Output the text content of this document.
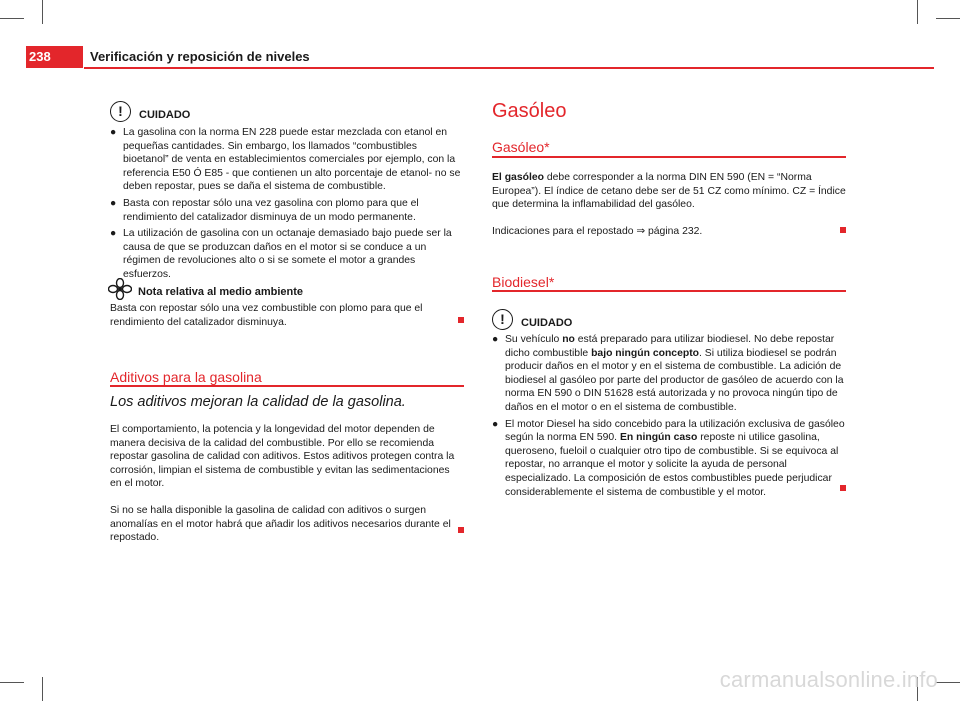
238	Verificación y reposición de niveles
!	CUIDADO

● La gasolina con la norma EN 228 puede estar mezclada con etanol en pequeñas cantidades. Sin embargo, los llamados “combustibles bioetanol” de venta en establecimientos comerciales por ejemplo, con la referencia E50 Ó E85 - que contienen un alto porcentaje de etanol- no se deben repostar, pues se daña el sistema de combustible.

● Basta con repostar sólo una vez gasolina con plomo para que el rendimiento del catalizador disminuya de un modo permanente.

● La utilización de gasolina con un octanaje demasiado bajo puede ser la causa de que se produzcan daños en el motor si se conduce a un régimen de revoluciones alto o si se somete el motor a grandes esfuerzos.

Nota relativa al medio ambiente

Basta con repostar sólo una vez combustible con plomo para que el rendimiento del catalizador disminuya.

Aditivos para la gasolina
Los aditivos mejoran la calidad de la gasolina.

El comportamiento, la potencia y la longevidad del motor dependen de manera decisiva de la calidad del combustible. Por ello se recomienda repostar gasolina de calidad con aditivos. Estos aditivos protegen contra la corrosión, limpian el sistema de combustible y evitan las sedimentaciones en el motor.

Si no se halla disponible la gasolina de calidad con aditivos o surgen anomalías en el motor habrá que añadir los aditivos necesarios durante el repostado.

Gasóleo
Gasóleo*

El gasóleo debe corresponder a la norma DIN EN 590 (EN = “Norma Europea”). El índice de cetano debe ser de 51 CZ como mínimo. CZ = Índice que determina la inflamabilidad del gasóleo.

Indicaciones para el repostado ⇒ página 232.

Biodiesel*
!	CUIDADO

● Su vehículo no está preparado para utilizar biodiesel. No debe repostar dicho combustible bajo ningún concepto. Si utiliza biodiesel se podrán producir daños en el motor y en el sistema de combustible. La adición de biodiesel al gasóleo por parte del productor de gasóleo de acuerdo con la norma EN 590 o DIN 51628 está autorizada y no provoca ningún tipo de daños en el motor o en el sistema de combustible.

● El motor Diesel ha sido concebido para la utilización exclusiva de gasóleo según la norma EN 590. En ningún caso reposte ni utilice gasolina, queroseno, fueloil o cualquier otro tipo de combustible. Si se equivoca al repostar, no arranque el motor y solicite la ayuda de personal especializado. La composición de estos combustibles puede perjudicar considerablemente el sistema de combustible y el motor.

carmanualsonline.info
